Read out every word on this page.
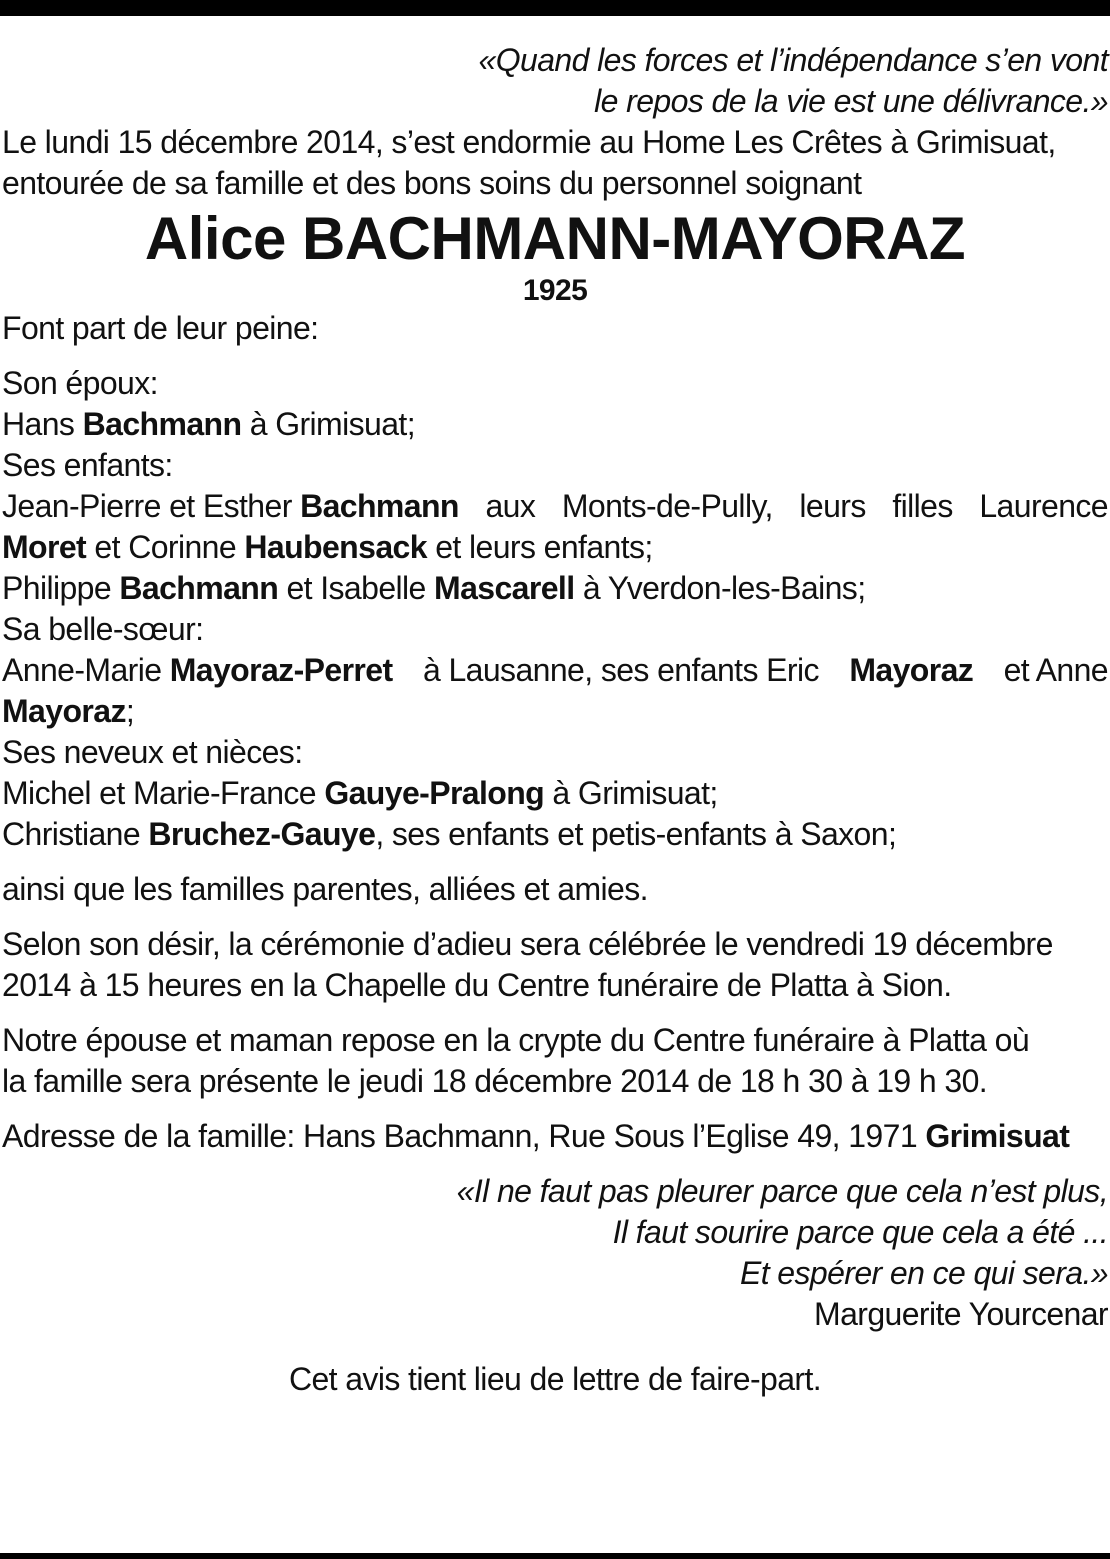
«Quand les forces et l’indépendance s’en vont
le repos de la vie est une délivrance.»

Le lundi 15 décembre 2014, s’est endormie au Home Les Crêtes à Grimisuat,
entourée de sa famille et des bons soins du personnel soignant

Alice BACHMANN-MAYORAZ

1925

Font part de leur peine:

Son époux:
Hans Bachmann à Grimisuat;
Ses enfants:
Jean-Pierre et Esther Bachmann aux Monts-de-Pully, leurs filles Laurence
Moret et Corinne Haubensack et leurs enfants;
Philippe Bachmann et Isabelle Mascarell à Yverdon-les-Bains;
Sa belle-sœur:
Anne-Marie Mayoraz-Perret à Lausanne, ses enfants Eric Mayoraz et Anne
Mayoraz;
Ses neveux et nièces:
Michel et Marie-France Gauye-Pralong à Grimisuat;
Christiane Bruchez-Gauye, ses enfants et petis-enfants à Saxon;

ainsi que les familles parentes, alliées et amies.

Selon son désir, la cérémonie d’adieu sera célébrée le vendredi 19 décembre
2014 à 15 heures en la Chapelle du Centre funéraire de Platta à Sion.

Notre épouse et maman repose en la crypte du Centre funéraire à Platta où
la famille sera présente le jeudi 18 décembre 2014 de 18 h 30 à 19 h 30.

Adresse de la famille: Hans Bachmann, Rue Sous l’Eglise 49, 1971 Grimisuat

«Il ne faut pas pleurer parce que cela n’est plus,
Il faut sourire parce que cela a été ...
Et espérer en ce qui sera.»
Marguerite Yourcenar

Cet avis tient lieu de lettre de faire-part.
